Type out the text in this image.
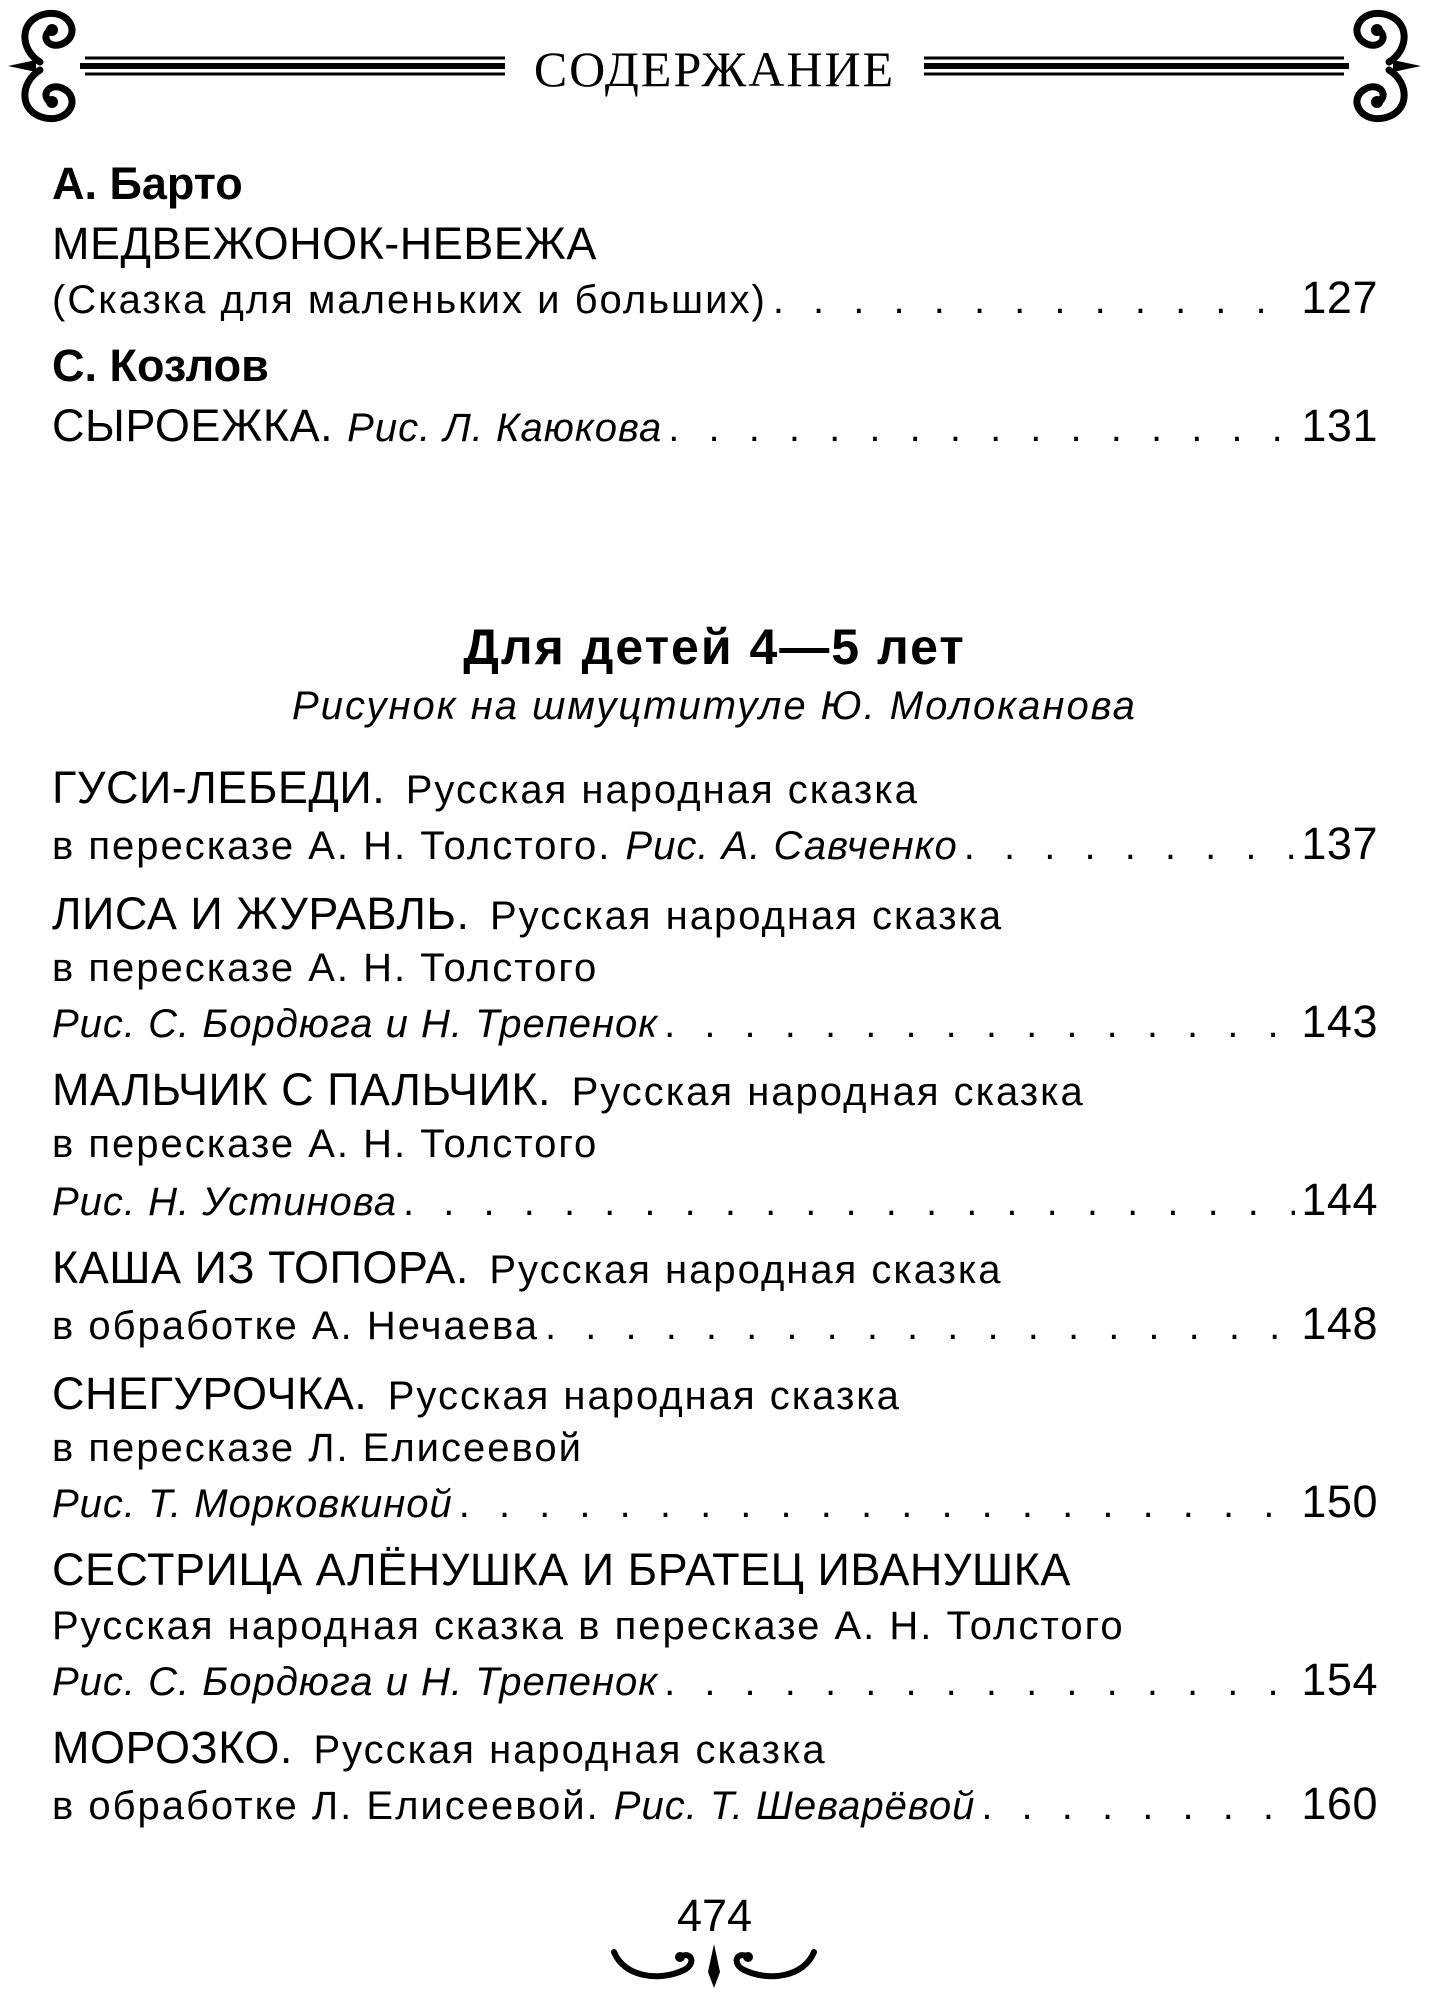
СОДЕРЖАНИЕ
А. Барто
МЕДВЕЖОНОК-НЕВЕЖА
(Сказка для маленьких и больших) . . .	127
С. Козлов
СЫРОЕЖКА. Рис. Л. Каюкова . . .	131
Для детей 4—5 лет
Рисунок на шмуцтитуле Ю. Молоканова
ГУСИ-ЛЕБЕДИ. Русская народная сказка
в пересказе А. Н. Толстого. Рис. А. Савченко . . .	137
ЛИСА И ЖУРАВЛЬ. Русская народная сказка
в пересказе А. Н. Толстого
Рис. С. Бордюга и Н. Трепенок . . .	143
МАЛЬЧИК С ПАЛЬЧИК. Русская народная сказка
в пересказе А. Н. Толстого
Рис. Н. Устинова . . .	144
КАША ИЗ ТОПОРА. Русская народная сказка
в обработке А. Нечаева . . .	148
СНЕГУРОЧКА. Русская народная сказка
в пересказе Л. Елисеевой
Рис. Т. Морковкиной . . .	150
СЕСТРИЦА АЛЁНУШКА И БРАТЕЦ ИВАНУШКА
Русская народная сказка в пересказе А. Н. Толстого
Рис. С. Бордюга и Н. Трепенок . . .	154
МОРОЗКО. Русская народная сказка
в обработке Л. Елисеевой. Рис. Т. Шеварёвой . . .	160
474
